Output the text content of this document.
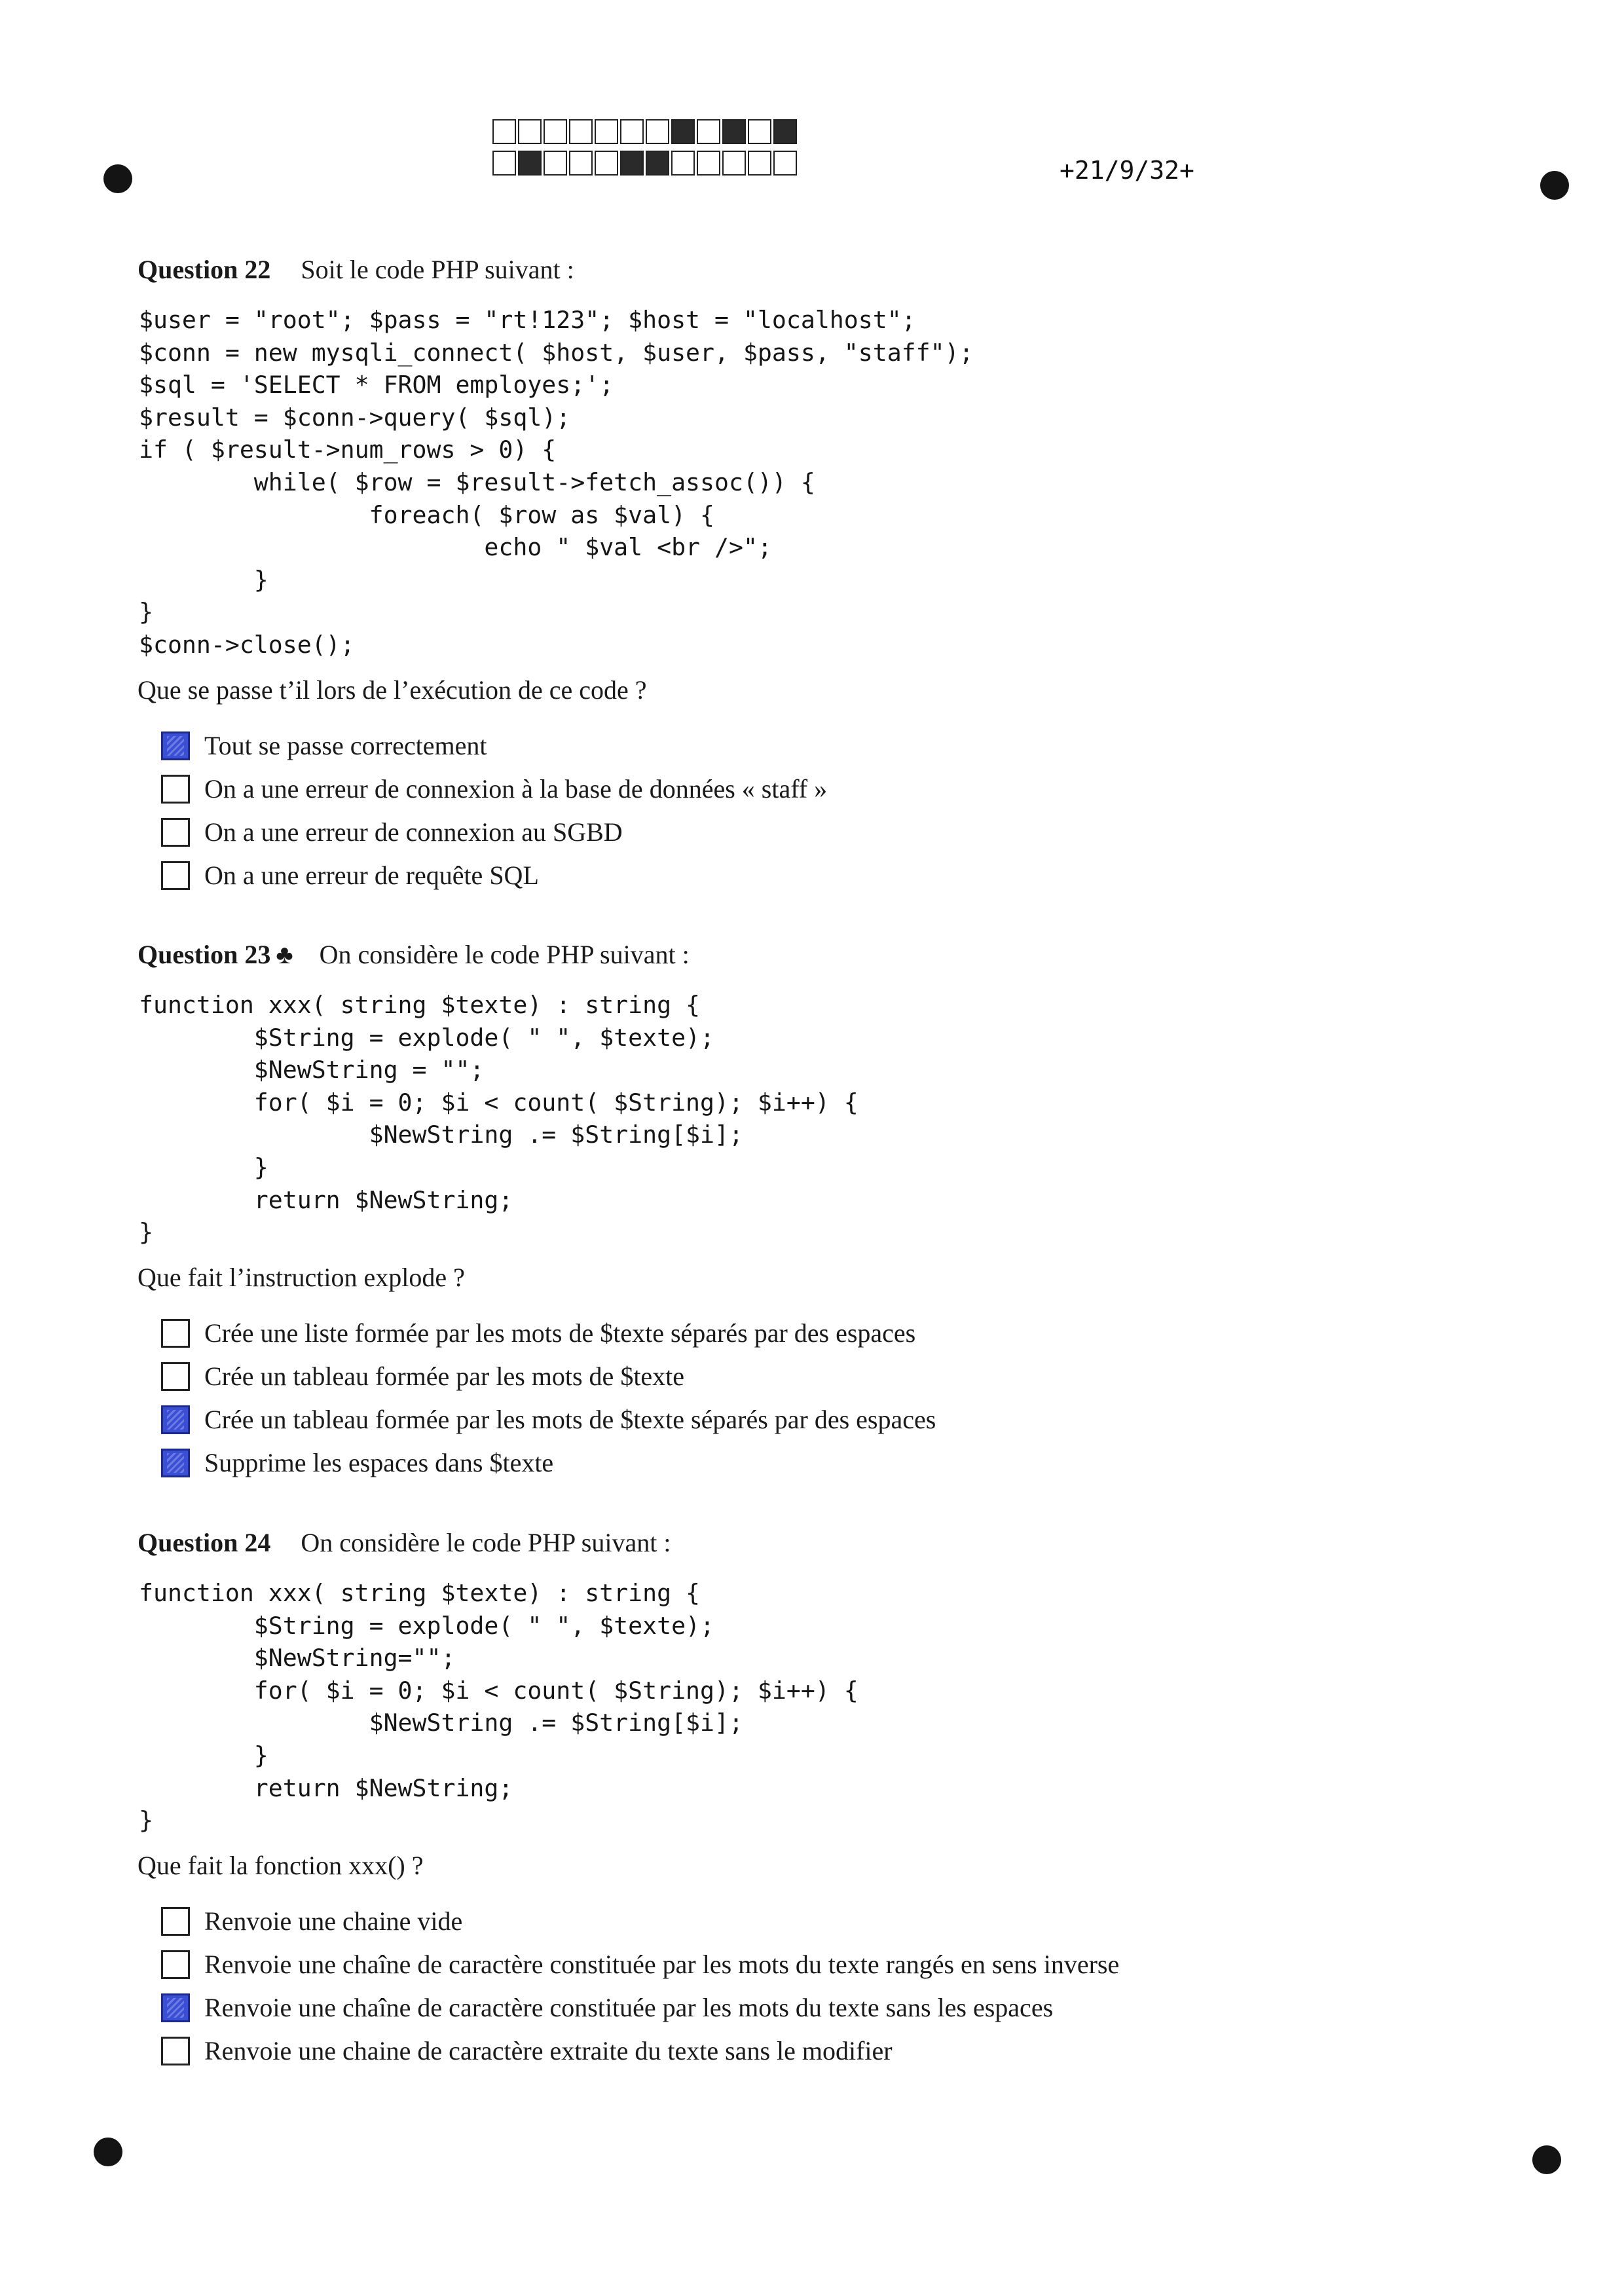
+21/9/32+
Question 22 Soit le code PHP suivant :
$user = "root"; $pass = "rt!123"; $host = "localhost";
$conn = new mysqli_connect( $host, $user, $pass, "staff");
$sql = 'SELECT * FROM employes;';
$result = $conn->query( $sql);
if ( $result->num_rows > 0) {
while( $row = $result->fetch_assoc()) {
foreach( $row as $val) {
echo " $val <br />";
}
}
$conn->close();
Que se passe t’il lors de l’exécution de ce code ?
Tout se passe correctement
On a une erreur de connexion à la base de données « staff »
On a une erreur de connexion au SGBD
On a une erreur de requête SQL
Question 23 ♣ On considère le code PHP suivant :
function xxx( string $texte) : string {
$String = explode( " ", $texte);
$NewString = "";
for( $i = 0; $i < count( $String); $i++) {
$NewString .= $String[$i];
}
return $NewString;
}
Que fait l’instruction explode ?
Crée une liste formée par les mots de $texte séparés par des espaces
Crée un tableau formée par les mots de $texte
Crée un tableau formée par les mots de $texte séparés par des espaces
Supprime les espaces dans $texte
Question 24 On considère le code PHP suivant :
function xxx( string $texte) : string {
$String = explode( " ", $texte);
$NewString="";
for( $i = 0; $i < count( $String); $i++) {
$NewString .= $String[$i];
}
return $NewString;
}
Que fait la fonction xxx() ?
Renvoie une chaine vide
Renvoie une chaîne de caractère constituée par les mots du texte rangés en sens inverse
Renvoie une chaîne de caractère constituée par les mots du texte sans les espaces
Renvoie une chaine de caractère extraite du texte sans le modifier
